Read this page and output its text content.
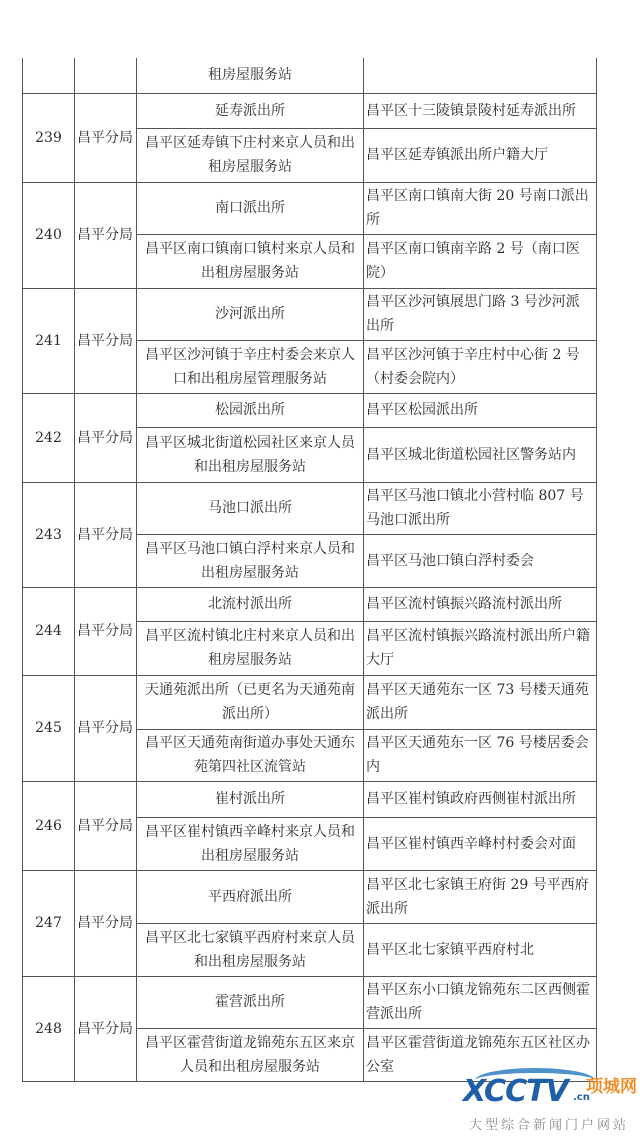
		租房屋服务站	
239	昌平分局	延寿派出所	昌平区十三陵镇景陵村延寿派出所
		昌平区延寿镇下庄村来京人员和出租房屋服务站	昌平区延寿镇派出所户籍大厅
240	昌平分局	南口派出所	昌平区南口镇南大街 20 号南口派出所
		昌平区南口镇南口镇村来京人员和出租房屋服务站	昌平区南口镇南辛路 2 号（南口医院）
241	昌平分局	沙河派出所	昌平区沙河镇展思门路 3 号沙河派出所
		昌平区沙河镇于辛庄村委会来京人口和出租房屋管理服务站	昌平区沙河镇于辛庄村中心街 2 号（村委会院内）
242	昌平分局	松园派出所	昌平区松园派出所
		昌平区城北街道松园社区来京人员和出租房屋服务站	昌平区城北街道松园社区警务站内
243	昌平分局	马池口派出所	昌平区马池口镇北小营村临 807 号马池口派出所
		昌平区马池口镇白浮村来京人员和出租房屋服务站	昌平区马池口镇白浮村委会
244	昌平分局	北流村派出所	昌平区流村镇振兴路流村派出所
		昌平区流村镇北庄村来京人员和出租房屋服务站	昌平区流村镇振兴路流村派出所户籍大厅
245	昌平分局	天通苑派出所（已更名为天通苑南派出所）	昌平区天通苑东一区 73 号楼天通苑派出所
		昌平区天通苑南街道办事处天通东苑第四社区流管站	昌平区天通苑东一区 76 号楼居委会内
246	昌平分局	崔村派出所	昌平区崔村镇政府西侧崔村派出所
		昌平区崔村镇西辛峰村来京人员和出租房屋服务站	昌平区崔村镇西辛峰村村委会对面
247	昌平分局	平西府派出所	昌平区北七家镇王府街 29 号平西府派出所
		昌平区北七家镇平西府村来京人员和出租房屋服务站	昌平区北七家镇平西府村北
248	昌平分局	霍营派出所	昌平区东小口镇龙锦苑东二区西侧霍营派出所
		昌平区霍营街道龙锦苑东五区来京人员和出租房屋服务站	昌平区霍营街道龙锦苑东五区社区办公室
XCCTV .cn
项城网
大型综合新闻门户网站
